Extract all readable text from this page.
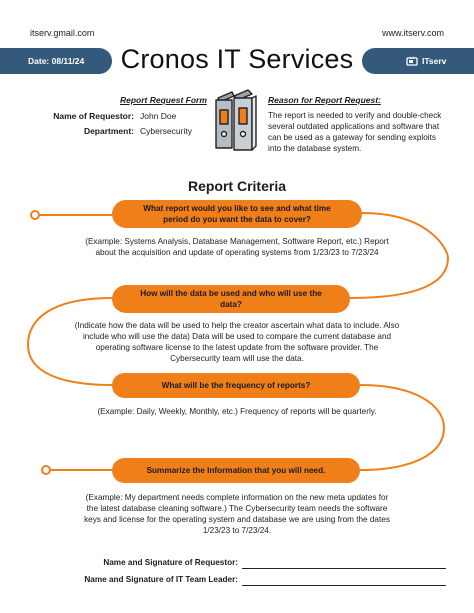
itserv.gmail.com	www.itserv.com
Date: 08/11/24	Cronos IT Services	ITserv
Report Request Form
Name of Requestor: John Doe
Department: Cybersecurity
Reason for Report Request:
The report is needed to verify and double-check several outdated applications and software that can be used as a gateway for sending exploits into the database system.
Report Criteria
What report would you like to see and what time period do you want the data to cover?
(Example: Systems Analysis, Database Management, Software Report, etc.) Report about the acquisition and update of operating systems from 1/23/23 to 7/23/24
How will the data be used and who will use the data?
(Indicate how the data will be used to help the creator ascertain what data to include. Also include who will use the data) Data will be used to compare the current database and operating software license to the latest update from the software provider. The Cybersecurity team will use the data.
What will be the frequency of reports?
(Example: Daily, Weekly, Monthly, etc.) Frequency of reports will be quarterly.
Summarize the Information that you will need.
(Example: My department needs complete information on the new meta updates for the latest database cleaning software.) The Cybersecurity team needs the software keys and license for the operating system and database we are using from the dates 1/23/23 to 7/23/24.
Name and Signature of Requestor:
Name and Signature of IT Team Leader:
